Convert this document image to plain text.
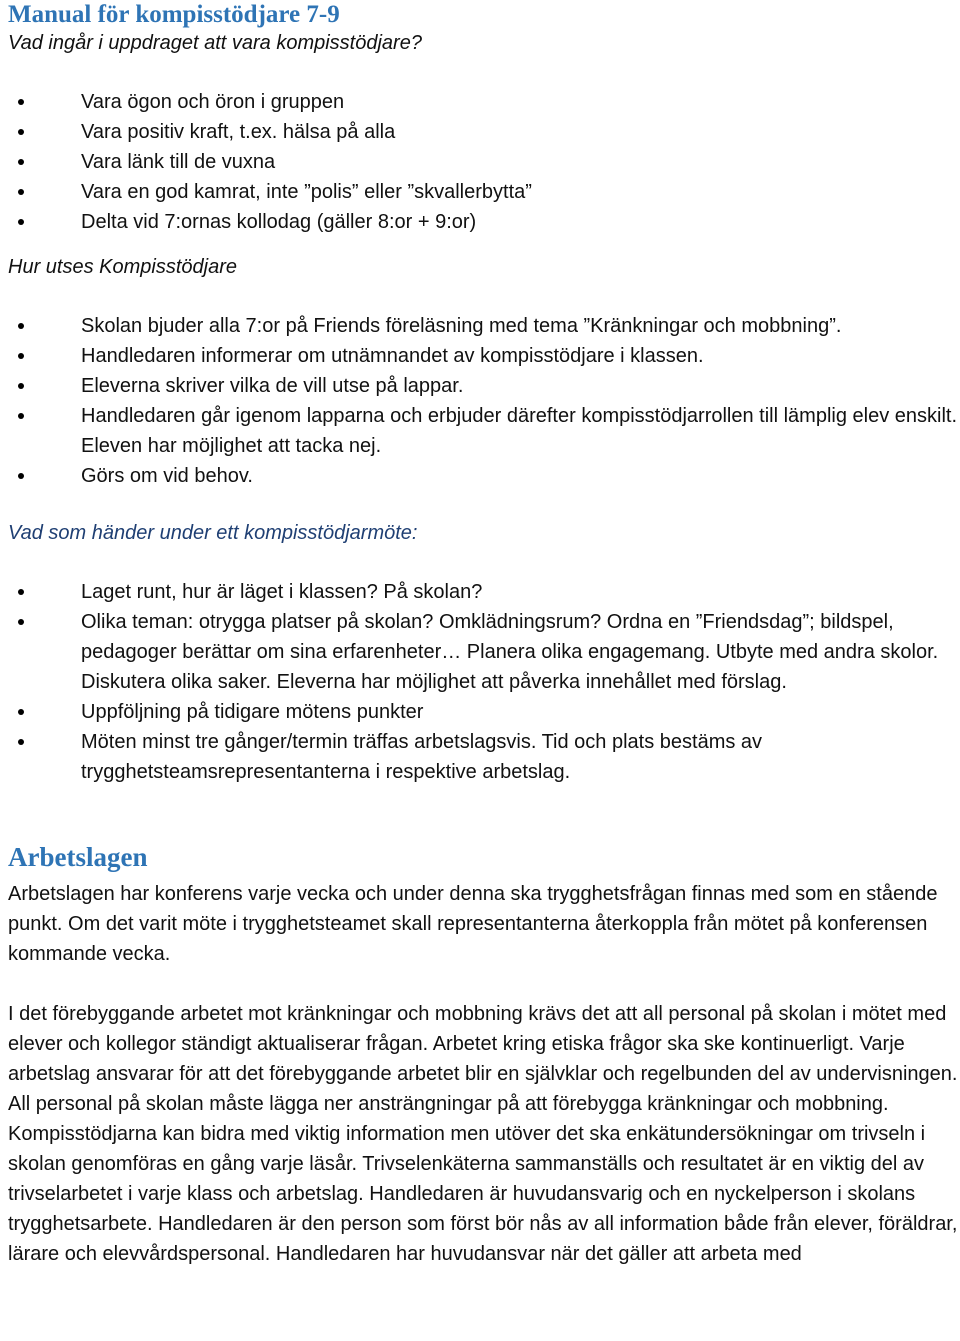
Manual för kompisstödjare 7-9
Vad ingår i uppdraget att vara kompisstödjare?
Vara ögon och öron i gruppen
Vara positiv kraft, t.ex. hälsa på alla
Vara länk till de vuxna
Vara en god kamrat, inte ”polis” eller ”skvallerbytta”
Delta vid 7:ornas kollodag (gäller 8:or + 9:or)
Hur utses Kompisstödjare
Skolan bjuder alla 7:or på Friends föreläsning med tema ”Kränkningar och mobbning”.
Handledaren informerar om utnämnandet av kompisstödjare i klassen.
Eleverna skriver vilka de vill utse på lappar.
Handledaren går igenom lapparna och erbjuder därefter kompisstödjarrollen till lämplig elev enskilt. Eleven har möjlighet att tacka nej.
Görs om vid behov.
Vad som händer under ett kompisstödjarmöte:
Laget runt, hur är läget i klassen? På skolan?
Olika teman: otrygga platser på skolan? Omklädningsrum? Ordna en ”Friendsdag”; bildspel, pedagoger berättar om sina erfarenheter… Planera olika engagemang. Utbyte med andra skolor. Diskutera olika saker. Eleverna har möjlighet att påverka innehållet med förslag.
Uppföljning på tidigare mötens punkter
Möten minst tre gånger/termin träffas arbetslagsvis. Tid och plats bestäms av trygghetsteamsrepresentanterna i respektive arbetslag.
Arbetslagen

Arbetslagen har konferens varje vecka och under denna ska trygghetsfrågan finnas med som en stående punkt. Om det varit möte i trygghetsteamet skall representanterna återkoppla från mötet på konferensen kommande vecka.

I det förebyggande arbetet mot kränkningar och mobbning krävs det att all personal på skolan i mötet med elever och kollegor ständigt aktualiserar frågan. Arbetet kring etiska frågor ska ske kontinuerligt. Varje arbetslag ansvarar för att det förebyggande arbetet blir en självklar och regelbunden del av undervisningen. All personal på skolan måste lägga ner ansträngningar på att förebygga kränkningar och mobbning. Kompisstödjarna kan bidra med viktig information men utöver det ska enkätundersökningar om trivseln i skolan genomföras en gång varje läsår. Trivselenkäterna sammanställs och resultatet är en viktig del av trivselarbetet i varje klass och arbetslag. Handledaren är huvudansvarig och en nyckelperson i skolans trygghetsarbete. Handledaren är den person som först bör nås av all information både från elever, föräldrar, lärare och elevvårdspersonal. Handledaren har huvudansvar när det gäller att arbeta med
